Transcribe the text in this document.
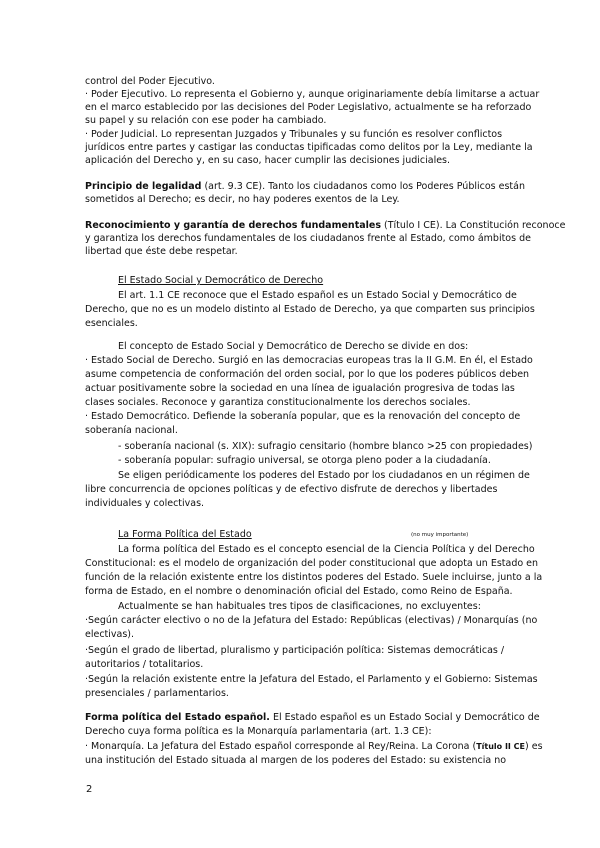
control del Poder Ejecutivo.
· Poder Ejecutivo. Lo representa el Gobierno y, aunque originariamente debía limitarse a actuar
en el marco establecido por las decisiones del Poder Legislativo, actualmente se ha reforzado
su papel y su relación con ese poder ha cambiado.
· Poder Judicial. Lo representan Juzgados y Tribunales y su función es resolver conflictos
jurídicos entre partes y castigar las conductas tipificadas como delitos por la Ley, mediante la
aplicación del Derecho y, en su caso, hacer cumplir las decisiones judiciales.
Principio de legalidad (art. 9.3 CE). Tanto los ciudadanos como los Poderes Públicos están
sometidos al Derecho; es decir, no hay poderes exentos de la Ley.
Reconocimiento y garantía de derechos fundamentales (Título I CE). La Constitución reconoce
y garantiza los derechos fundamentales de los ciudadanos frente al Estado, como ámbitos de
libertad que éste debe respetar.
El Estado Social y Democrático de Derecho
El art. 1.1 CE reconoce que el Estado español es un Estado Social y Democrático de
Derecho, que no es un modelo distinto al Estado de Derecho, ya que comparten sus principios
esenciales.
El concepto de Estado Social y Democrático de Derecho se divide en dos:
· Estado Social de Derecho. Surgió en las democracias europeas tras la II G.M. En él, el Estado
asume competencia de conformación del orden social, por lo que los poderes públicos deben
actuar positivamente sobre la sociedad en una línea de igualación progresiva de todas las
clases sociales. Reconoce y garantiza constitucionalmente los derechos sociales.
· Estado Democrático. Defiende la soberanía popular, que es la renovación del concepto de
soberanía nacional.
- soberanía nacional (s. XIX): sufragio censitario (hombre blanco >25 con propiedades)
- soberanía popular: sufragio universal, se otorga pleno poder a la ciudadanía.
Se eligen periódicamente los poderes del Estado por los ciudadanos en un régimen de
libre concurrencia de opciones políticas y de efectivo disfrute de derechos y libertades
individuales y colectivas.
La Forma Política del Estado	(no muy importante)
La forma política del Estado es el concepto esencial de la Ciencia Política y del Derecho
Constitucional: es el modelo de organización del poder constitucional que adopta un Estado en
función de la relación existente entre los distintos poderes del Estado. Suele incluirse, junto a la
forma de Estado, en el nombre o denominación oficial del Estado, como Reino de España.
Actualmente se han habituales tres tipos de clasificaciones, no excluyentes:
·Según carácter electivo o no de la Jefatura del Estado: Repúblicas (electivas) / Monarquías (no
electivas).
·Según el grado de libertad, pluralismo y participación política: Sistemas democráticas /
autoritarios / totalitarios.
·Según la relación existente entre la Jefatura del Estado, el Parlamento y el Gobierno: Sistemas
presenciales / parlamentarios.
Forma política del Estado español. El Estado español es un Estado Social y Democrático de
Derecho cuya forma política es la Monarquía parlamentaria (art. 1.3 CE):
· Monarquía. La Jefatura del Estado español corresponde al Rey/Reina. La Corona (Título II CE) es
una institución del Estado situada al margen de los poderes del Estado: su existencia no
2
